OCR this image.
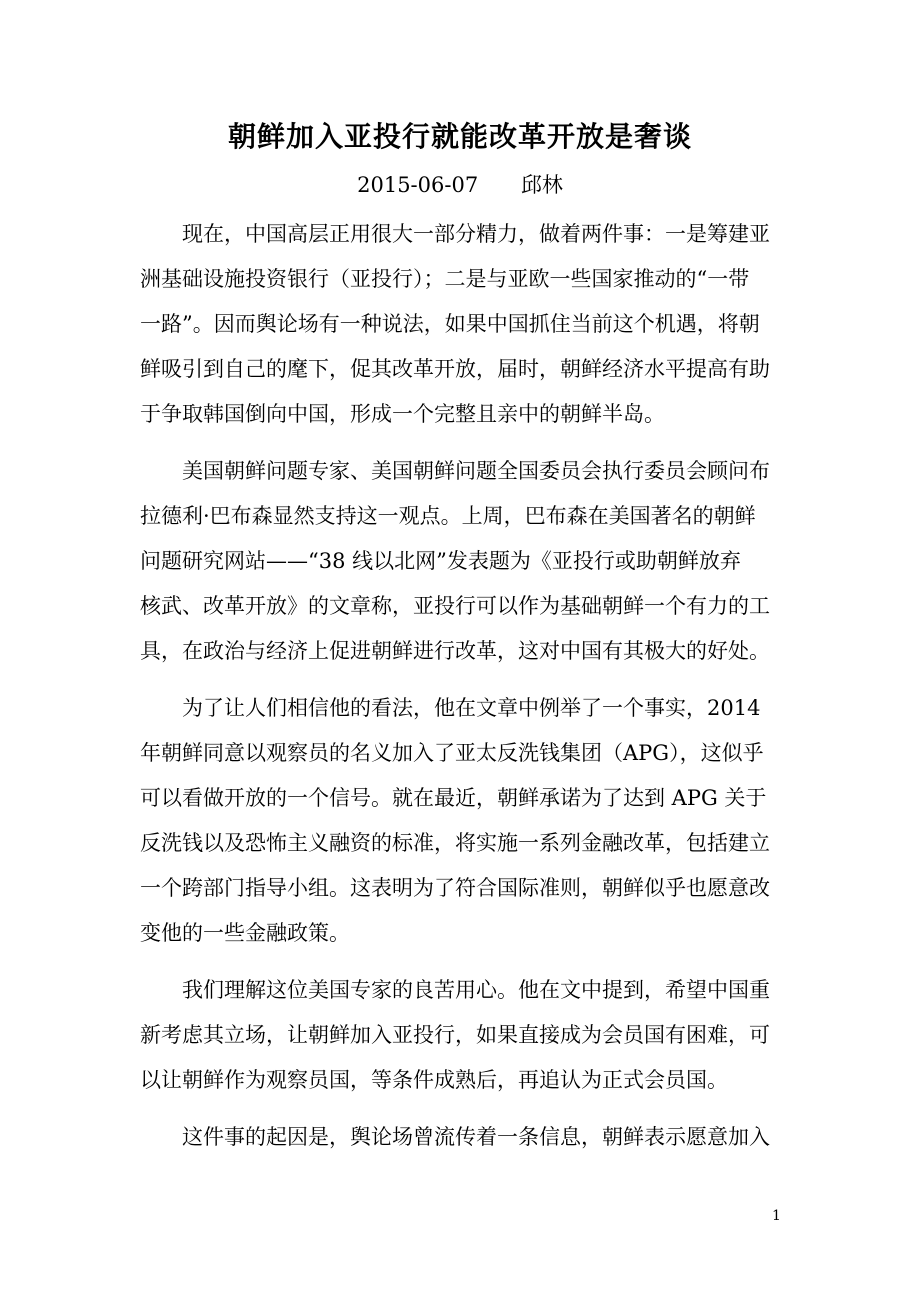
朝鲜加入亚投行就能改革开放是奢谈

2015-06-07 邱林

现在，中国高层正用很大一部分精力，做着两件事：一是筹建亚
洲基础设施投资银行（亚投行）；二是与亚欧一些国家推动的“一带
一路”。因而舆论场有一种说法，如果中国抓住当前这个机遇，将朝
鲜吸引到自己的麾下，促其改革开放，届时，朝鲜经济水平提高有助
于争取韩国倒向中国，形成一个完整且亲中的朝鲜半岛。

美国朝鲜问题专家、美国朝鲜问题全国委员会执行委员会顾问布
拉德利·巴布森显然支持这一观点。上周，巴布森在美国著名的朝鲜
问题研究网站——“38 线以北网”发表题为《亚投行或助朝鲜放弃
核武、改革开放》的文章称，亚投行可以作为基础朝鲜一个有力的工
具，在政治与经济上促进朝鲜进行改革，这对中国有其极大的好处。

为了让人们相信他的看法，他在文章中例举了一个事实，2014
年朝鲜同意以观察员的名义加入了亚太反洗钱集团（APG），这似乎
可以看做开放的一个信号。就在最近，朝鲜承诺为了达到 APG 关于
反洗钱以及恐怖主义融资的标准，将实施一系列金融改革，包括建立
一个跨部门指导小组。这表明为了符合国际准则，朝鲜似乎也愿意改
变他的一些金融政策。

我们理解这位美国专家的良苦用心。他在文中提到，希望中国重
新考虑其立场，让朝鲜加入亚投行，如果直接成为会员国有困难，可
以让朝鲜作为观察员国，等条件成熟后，再追认为正式会员国。

这件事的起因是，舆论场曾流传着一条信息，朝鲜表示愿意加入

1
